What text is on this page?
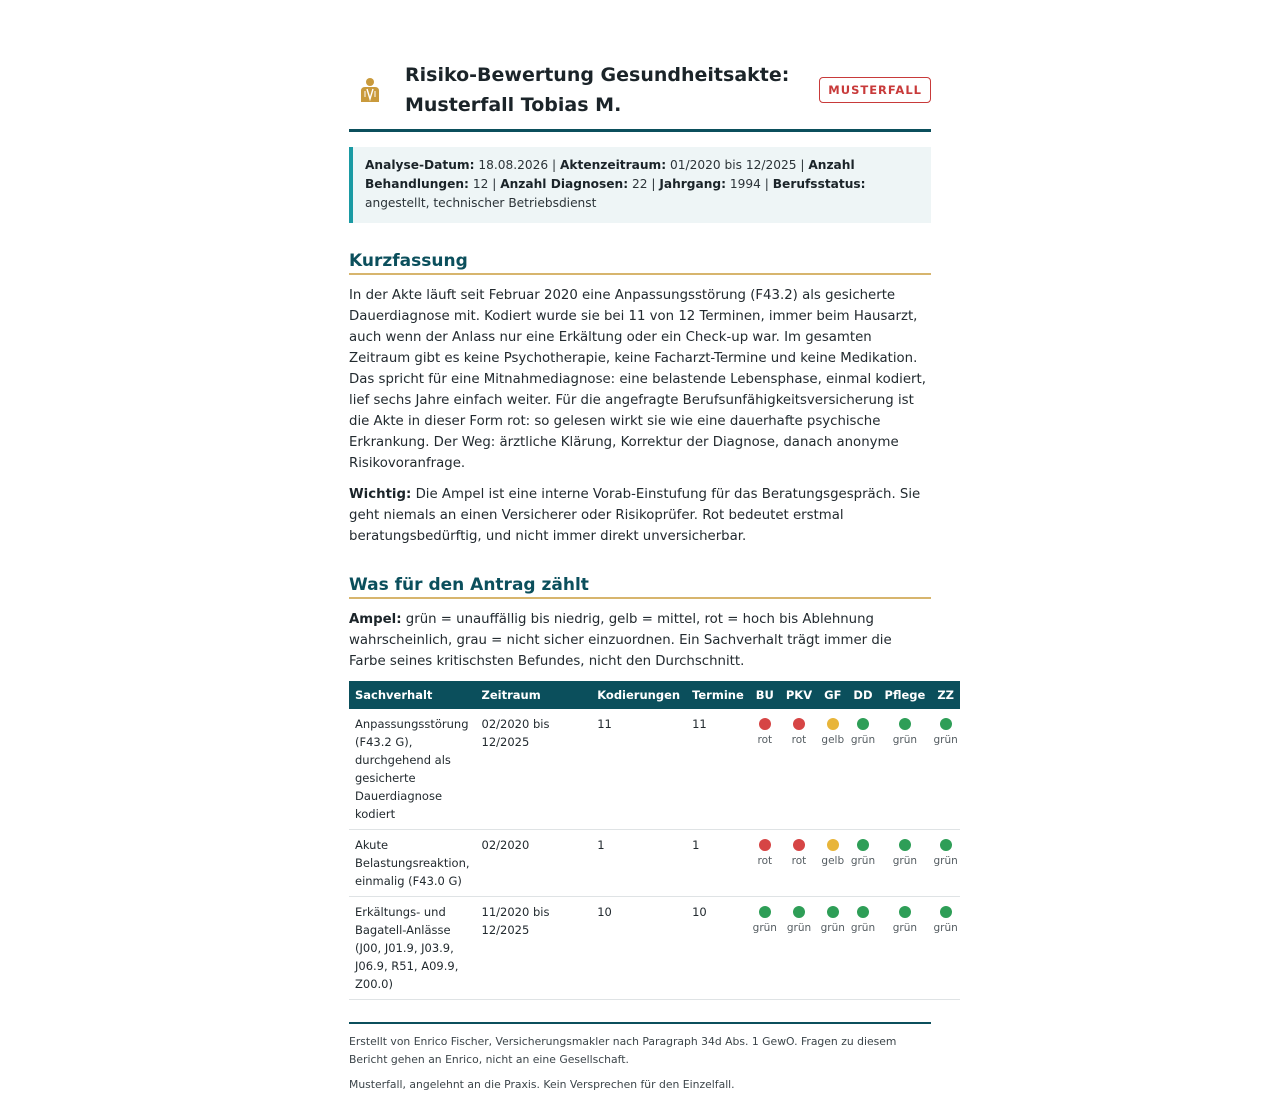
Risiko-Bewertung Gesundheitsakte:
Musterfall Tobias M.
MUSTERFALL
Analyse-Datum: 18.08.2026 | Aktenzeitraum: 01/2020 bis 12/2025 | Anzahl Behandlungen: 12 | Anzahl Diagnosen: 22 | Jahrgang: 1994 | Berufsstatus: angestellt, technischer Betriebsdienst
Kurzfassung

In der Akte läuft seit Februar 2020 eine Anpassungsstörung (F43.2) als gesicherte Dauerdiagnose mit. Kodiert wurde sie bei 11 von 12 Terminen, immer beim Hausarzt, auch wenn der Anlass nur eine Erkältung oder ein Check-up war. Im gesamten Zeitraum gibt es keine Psychotherapie, keine Facharzt-Termine und keine Medikation. Das spricht für eine Mitnahmediagnose: eine belastende Lebensphase, einmal kodiert, lief sechs Jahre einfach weiter. Für die angefragte Berufsunfähigkeitsversicherung ist die Akte in dieser Form rot: so gelesen wirkt sie wie eine dauerhafte psychische Erkrankung. Der Weg: ärztliche Klärung, Korrektur der Diagnose, danach anonyme Risikovoranfrage.

Wichtig: Die Ampel ist eine interne Vorab-Einstufung für das Beratungsgespräch. Sie geht niemals an einen Versicherer oder Risikoprüfer. Rot bedeutet erstmal beratungsbedürftig, und nicht immer direkt unversicherbar.

Was für den Antrag zählt

Ampel: grün = unauffällig bis niedrig, gelb = mittel, rot = hoch bis Ablehnung wahrscheinlich, grau = nicht sicher einzuordnen. Ein Sachverhalt trägt immer die Farbe seines kritischsten Befundes, nicht den Durchschnitt.

Sachverhalt	Zeitraum	Kodierungen	Termine	BU	PKV	GF	DD	Pflege	ZZ
Anpassungsstörung (F43.2 G), durchgehend als gesicherte Dauerdiagnose kodiert	02/2020 bis 12/2025	11	11	rot	rot	gelb	grün	grün	grün

Akute Belastungsreaktion, einmalig (F43.0 G)	02/2020	1	1	rot	rot	gelb	grün	grün	grün

Erkältungs- und Bagatell-Anlässe (J00, J01.9, J03.9, J06.9, R51, A09.9, Z00.0)	11/2020 bis 12/2025	10	10	grün	grün	grün	grün	grün	grün
Erstellt von Enrico Fischer, Versicherungsmakler nach Paragraph 34d Abs. 1 GewO. Fragen zu diesem Bericht gehen an Enrico, nicht an eine Gesellschaft.
Musterfall, angelehnt an die Praxis. Kein Versprechen für den Einzelfall.
